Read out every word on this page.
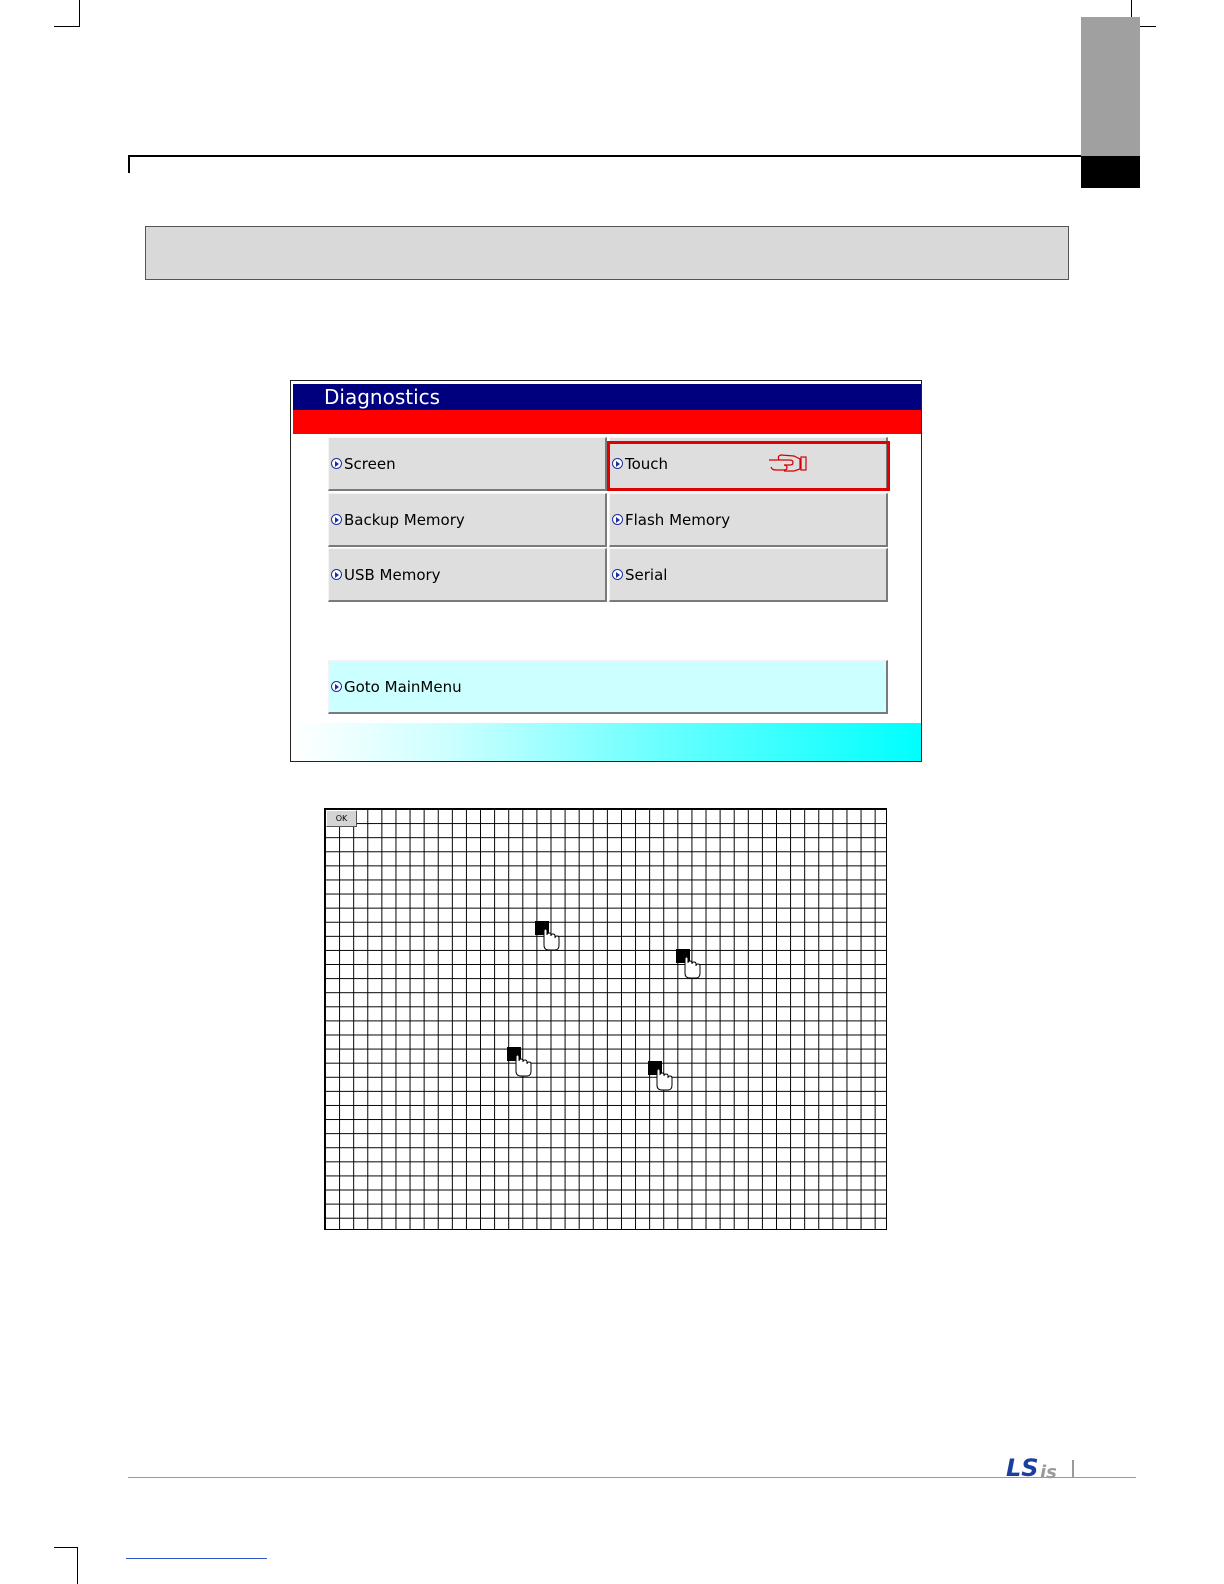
Diagnostics
Screen	Touch
Backup Memory	Flash Memory
USB Memory	Serial
Goto MainMenu
OK
LS is
